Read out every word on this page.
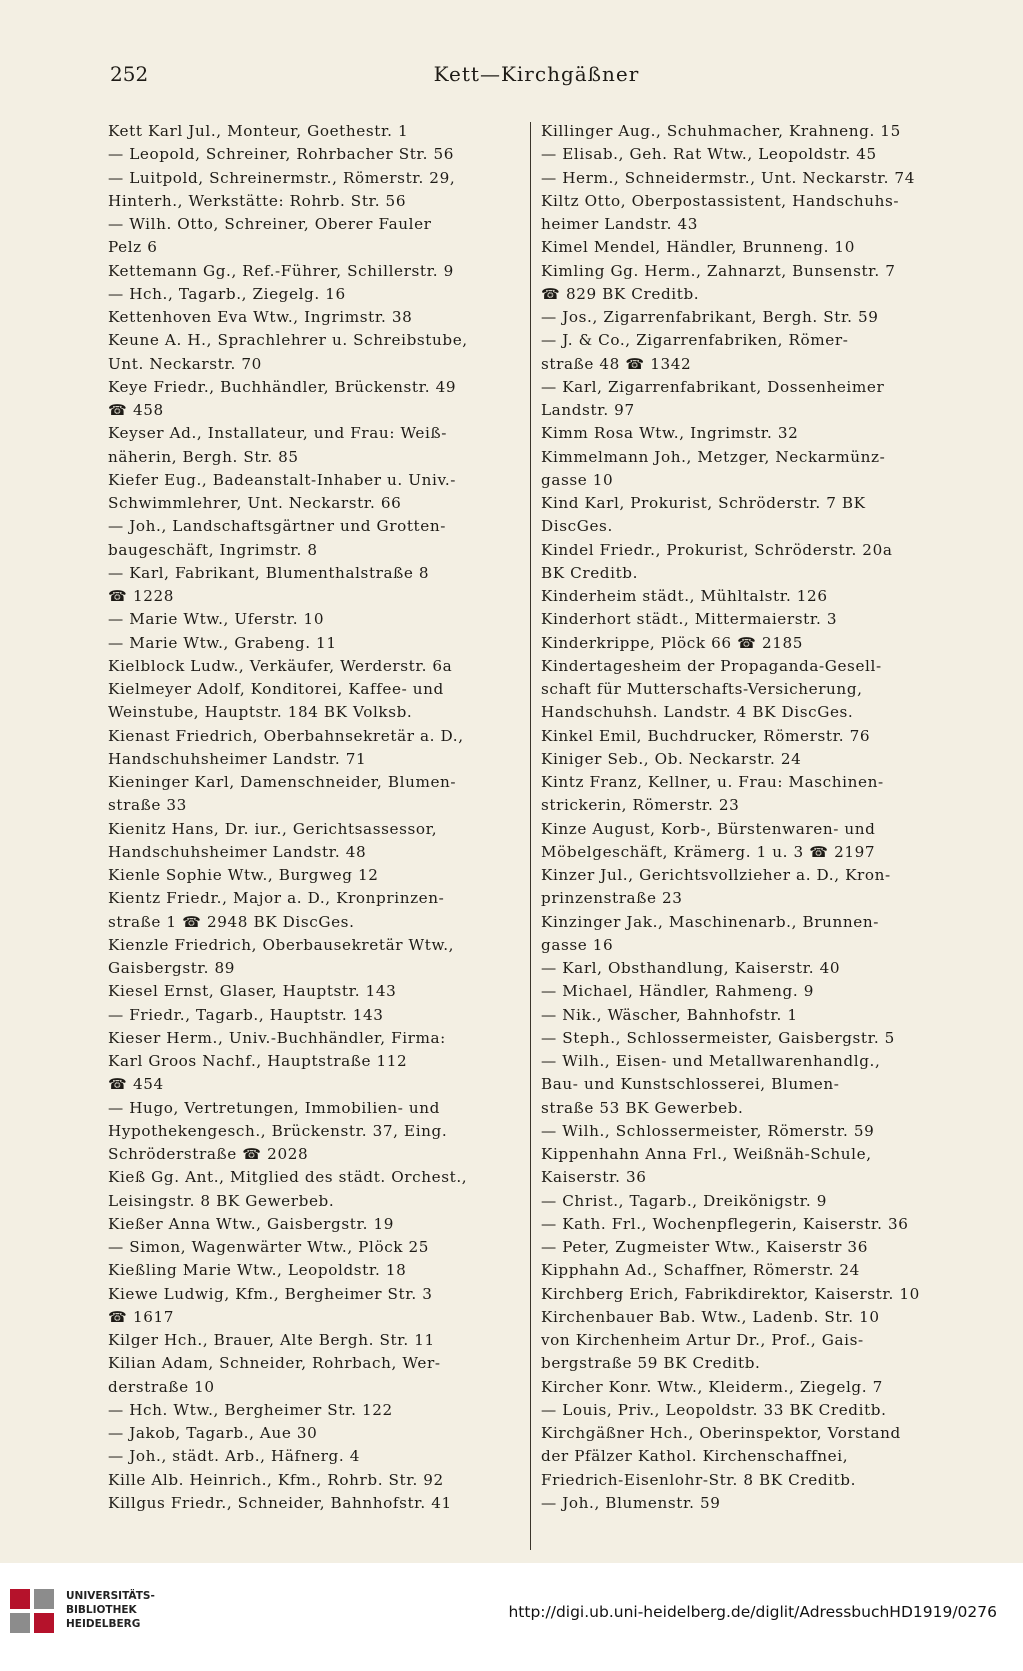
252	Kett—Kirchgäßner
Kett Karl Jul., Monteur, Goethestr. 1
— Leopold, Schreiner, Rohrbacher Str. 56
— Luitpold, Schreinermstr., Römerstr. 29,
Hinterh., Werkstätte: Rohrb. Str. 56
— Wilh. Otto, Schreiner, Oberer Fauler
Pelz 6
Kettemann Gg., Ref.-Führer, Schillerstr. 9
— Hch., Tagarb., Ziegelg. 16
Kettenhoven Eva Wtw., Ingrimstr. 38
Keune A. H., Sprachlehrer u. Schreibstube,
Unt. Neckarstr. 70
Keye Friedr., Buchhändler, Brückenstr. 49
☎ 458
Keyser Ad., Installateur, und Frau: Weiß-
näherin, Bergh. Str. 85
Kiefer Eug., Badeanstalt-Inhaber u. Univ.-
Schwimmlehrer, Unt. Neckarstr. 66
— Joh., Landschaftsgärtner und Grotten-
baugeschäft, Ingrimstr. 8
— Karl, Fabrikant, Blumenthalstraße 8
☎ 1228
— Marie Wtw., Uferstr. 10
— Marie Wtw., Grabeng. 11
Kielblock Ludw., Verkäufer, Werderstr. 6a
Kielmeyer Adolf, Konditorei, Kaffee- und
Weinstube, Hauptstr. 184 BK Volksb.
Kienast Friedrich, Oberbahnsekretär a. D.,
Handschuhsheimer Landstr. 71
Kieninger Karl, Damenschneider, Blumen-
straße 33
Kienitz Hans, Dr. iur., Gerichtsassessor,
Handschuhsheimer Landstr. 48
Kienle Sophie Wtw., Burgweg 12
Kientz Friedr., Major a. D., Kronprinzen-
straße 1 ☎ 2948 BK DiscGes.
Kienzle Friedrich, Oberbausekretär Wtw.,
Gaisbergstr. 89
Kiesel Ernst, Glaser, Hauptstr. 143
— Friedr., Tagarb., Hauptstr. 143
Kieser Herm., Univ.-Buchhändler, Firma:
Karl Groos Nachf., Hauptstraße 112
☎ 454
— Hugo, Vertretungen, Immobilien- und
Hypothekengesch., Brückenstr. 37, Eing.
Schröderstraße ☎ 2028
Kieß Gg. Ant., Mitglied des städt. Orchest.,
Leisingstr. 8 BK Gewerbeb.
Kießer Anna Wtw., Gaisbergstr. 19
— Simon, Wagenwärter Wtw., Plöck 25
Kießling Marie Wtw., Leopoldstr. 18
Kiewe Ludwig, Kfm., Bergheimer Str. 3
☎ 1617
Kilger Hch., Brauer, Alte Bergh. Str. 11
Kilian Adam, Schneider, Rohrbach, Wer-
derstraße 10
— Hch. Wtw., Bergheimer Str. 122
— Jakob, Tagarb., Aue 30
— Joh., städt. Arb., Häfnerg. 4
Kille Alb. Heinrich., Kfm., Rohrb. Str. 92
Killgus Friedr., Schneider, Bahnhofstr. 41
Killinger Aug., Schuhmacher, Krahneng. 15
— Elisab., Geh. Rat Wtw., Leopoldstr. 45
— Herm., Schneidermstr., Unt. Neckarstr. 74
Kiltz Otto, Oberpostassistent, Handschuhs-
heimer Landstr. 43
Kimel Mendel, Händler, Brunneng. 10
Kimling Gg. Herm., Zahnarzt, Bunsenstr. 7
☎ 829 BK Creditb.
— Jos., Zigarrenfabrikant, Bergh. Str. 59
— J. & Co., Zigarrenfabriken, Römer-
straße 48 ☎ 1342
— Karl, Zigarrenfabrikant, Dossenheimer
Landstr. 97
Kimm Rosa Wtw., Ingrimstr. 32
Kimmelmann Joh., Metzger, Neckarmünz-
gasse 10
Kind Karl, Prokurist, Schröderstr. 7 BK
DiscGes.
Kindel Friedr., Prokurist, Schröderstr. 20a
BK Creditb.
Kinderheim städt., Mühltalstr. 126
Kinderhort städt., Mittermaierstr. 3
Kinderkrippe, Plöck 66 ☎ 2185
Kindertagesheim der Propaganda-Gesell-
schaft für Mutterschafts-Versicherung,
Handschuhsh. Landstr. 4 BK DiscGes.
Kinkel Emil, Buchdrucker, Römerstr. 76
Kiniger Seb., Ob. Neckarstr. 24
Kintz Franz, Kellner, u. Frau: Maschinen-
strickerin, Römerstr. 23
Kinze August, Korb-, Bürstenwaren- und
Möbelgeschäft, Krämerg. 1 u. 3 ☎ 2197
Kinzer Jul., Gerichtsvollzieher a. D., Kron-
prinzenstraße 23
Kinzinger Jak., Maschinenarb., Brunnen-
gasse 16
— Karl, Obsthandlung, Kaiserstr. 40
— Michael, Händler, Rahmeng. 9
— Nik., Wäscher, Bahnhofstr. 1
— Steph., Schlossermeister, Gaisbergstr. 5
— Wilh., Eisen- und Metallwarenhandlg.,
Bau- und Kunstschlosserei, Blumen-
straße 53 BK Gewerbeb.
— Wilh., Schlossermeister, Römerstr. 59
Kippenhahn Anna Frl., Weißnäh-Schule,
Kaiserstr. 36
— Christ., Tagarb., Dreikönigstr. 9
— Kath. Frl., Wochenpflegerin, Kaiserstr. 36
— Peter, Zugmeister Wtw., Kaiserstr 36
Kipphahn Ad., Schaffner, Römerstr. 24
Kirchberg Erich, Fabrikdirektor, Kaiserstr. 10
Kirchenbauer Bab. Wtw., Ladenb. Str. 10
von Kirchenheim Artur Dr., Prof., Gais-
bergstraße 59 BK Creditb.
Kircher Konr. Wtw., Kleiderm., Ziegelg. 7
— Louis, Priv., Leopoldstr. 33 BK Creditb.
Kirchgäßner Hch., Oberinspektor, Vorstand
der Pfälzer Kathol. Kirchenschaffnei,
Friedrich-Eisenlohr-Str. 8 BK Creditb.
— Joh., Blumenstr. 59
UNIVERSITÄTS-
BIBLIOTHEK
HEIDELBERG
http://digi.ub.uni-heidelberg.de/diglit/AdressbuchHD1919/0276
